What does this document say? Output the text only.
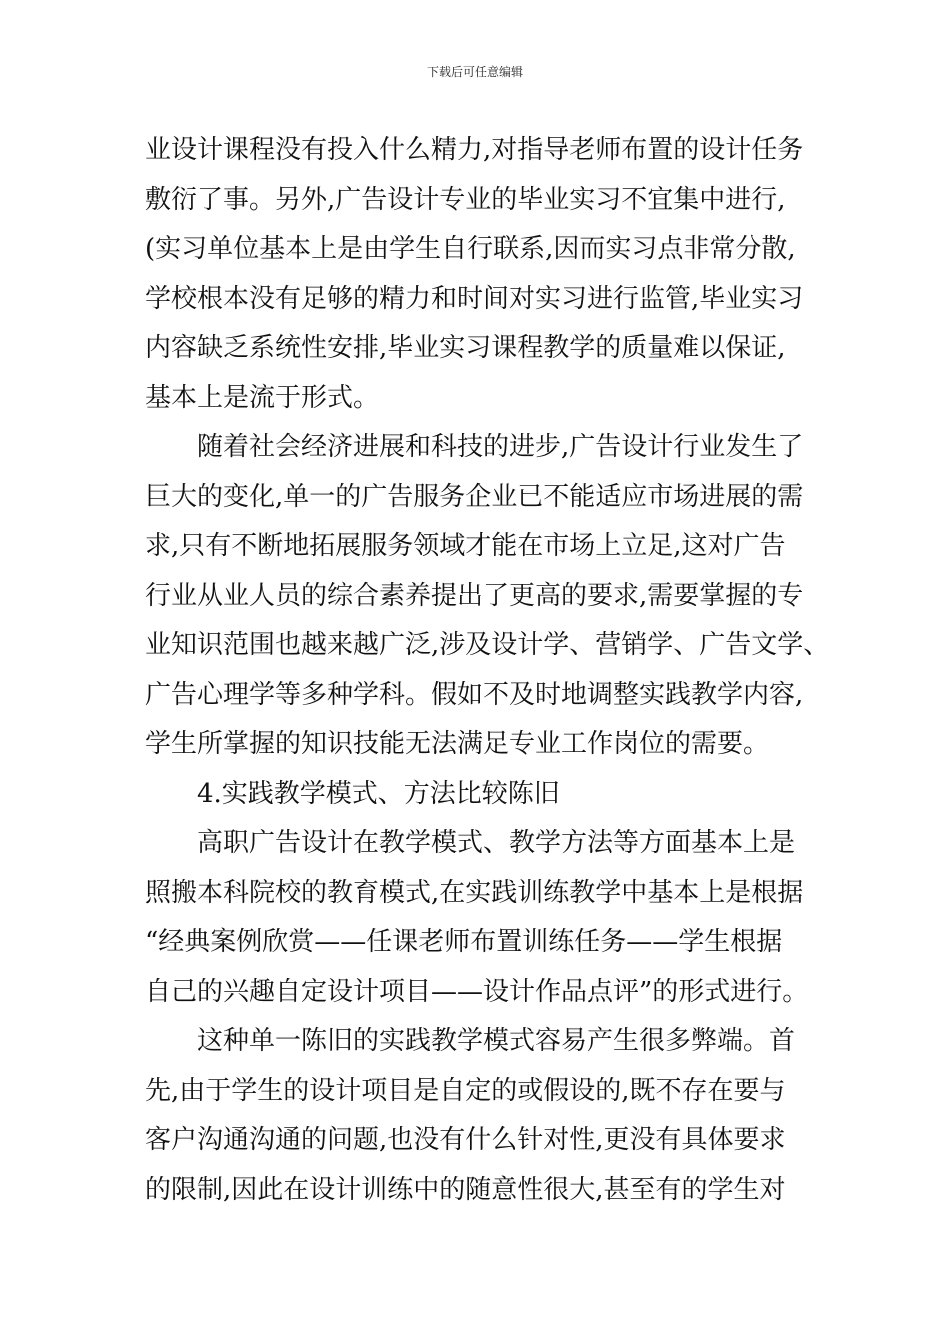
下载后可任意编辑
业设计课程没有投入什么精力,对指导老师布置的设计任务
敷衍了事。另外,广告设计专业的毕业实习不宜集中进行,
(实习单位基本上是由学生自行联系,因而实习点非常分散,
学校根本没有足够的精力和时间对实习进行监管,毕业实习
内容缺乏系统性安排,毕业实习课程教学的质量难以保证,
基本上是流于形式。
随着社会经济进展和科技的进步,广告设计行业发生了
巨大的变化,单一的广告服务企业已不能适应市场进展的需
求,只有不断地拓展服务领域才能在市场上立足,这对广告
行业从业人员的综合素养提出了更高的要求,需要掌握的专
业知识范围也越来越广泛,涉及设计学、营销学、广告文学、
广告心理学等多种学科。假如不及时地调整实践教学内容,
学生所掌握的知识技能无法满足专业工作岗位的需要。
4.实践教学模式、方法比较陈旧
高职广告设计在教学模式、教学方法等方面基本上是
照搬本科院校的教育模式,在实践训练教学中基本上是根据
“经典案例欣赏——任课老师布置训练任务——学生根据
自己的兴趣自定设计项目——设计作品点评”的形式进行。
这种单一陈旧的实践教学模式容易产生很多弊端。首
先,由于学生的设计项目是自定的或假设的,既不存在要与
客户沟通沟通的问题,也没有什么针对性,更没有具体要求
的限制,因此在设计训练中的随意性很大,甚至有的学生对
